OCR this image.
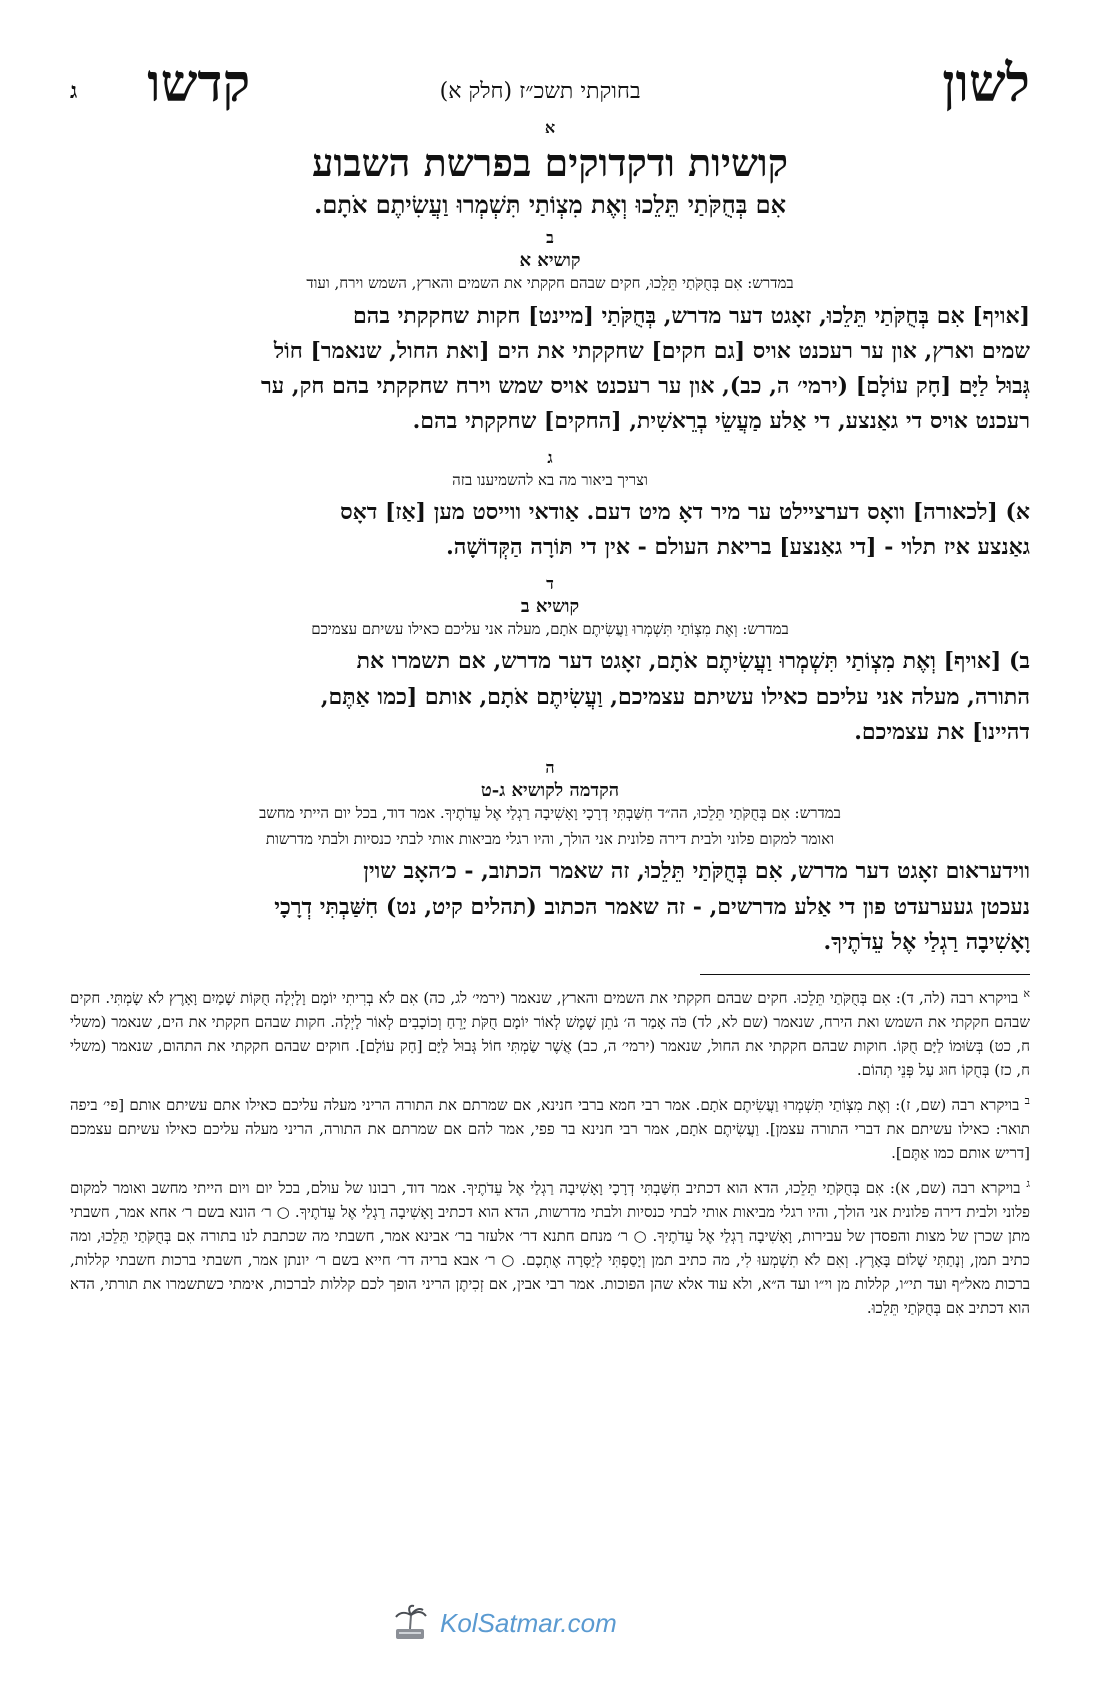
לשון
בחוקתי תשכ״ז (חלק א)
קדשו
ג
א
קושיות ודקדוקים בפרשת השבוע
אִם בְּחֻקֹּתַי תֵּלֵכוּ וְאֶת מִצְוֹתַי תִּשְׁמְרוּ וַעֲשִׂיתֶם אֹתָם.
ב
קושיא א
במדרש: אִם בְּחֻקֹּתַי תֵּלֵכוּ, חקים שבהם חקקתי את השמים והארץ, השמש וירח, ועוד
[אויף] אִם בְּחֻקֹּתַי תֵּלֵכוּ, זאָגט דער מדרש, בְּחֻקֹּתַי [מיינט] חקות שחקקתי בהם
שמים וארץ, און ער רעכנט אויס [גם חקים] שחקקתי את הים [ואת החול, שנאמר] חוֹל
גְּבוּל לַיָּם [חָק עוֹלָם] (ירמי׳ ה, כב), און ער רעכנט אויס שמש וירח שחקקתי בהם חק, ער
רעכנט אויס די גאַנצע, די אַלע מַעֲשֵׂי בְרֵאשִׁית, [החקים] שחקקתי בהם.
ג
וצריך ביאור מה בא להשמיענו בזה
א) [לכאורה] וואָס דערציילט ער מיר דאָ מיט דעם. אַודאי ווייסט מען [אַז] דאָס
גאַנצע איז תלוי - [די גאַנצע] בריאת העולם - אין די תּוֹרָה הַקְּדוֹשָׁה.
ד
קושיא ב
במדרש: וְאֶת מִצְוֹתַי תִּשְׁמְרוּ וַעֲשִׂיתֶם אֹתָם, מעלה אני עליכם כאילו עשיתם עצמיכם
ב) [אויף] וְאֶת מִצְוֹתַי תִּשְׁמְרוּ וַעֲשִׂיתֶם אֹתָם, זאָגט דער מדרש, אם תשמרו את
התורה, מעלה אני עליכם כאילו עשיתם עצמיכם, וַעֲשִׂיתֶם אֹתָם, אותם [כמו אַתֶּם,
דהיינו] את עצמיכם.
ה
הקדמה לקושיא ג-ט
במדרש: אִם בְּחֻקֹּתַי תֵּלֵכוּ, הה״ד חִשַּׁבְתִּי דְרָכָי וָאָשִׁיבָה רַגְלַי אֶל עֵדֹתֶיךָ. אמר דוד, בכל יום הייתי מחשב
ואומר למקום פלוני ולבית דירה פלונית אני הולך, והיו רגלי מביאות אותי לבתי כנסיות ולבתי מדרשות
ווידעראום זאָגט דער מדרש, אִם בְּחֻקֹּתַי תֵּלֵכוּ, זה שאמר הכתוב, - כ׳האָב שוין
נעכטן געערעדט פון די אַלע מדרשים, - זה שאמר הכתוב (תהלים קיט, נט) חִשַּׁבְתִּי דְרָכָי
וָאָשִׁיבָה רַגְלַי אֶל עֵדֹתֶיךָ.
$^א$ בויקרא רבה (לה, ד): אִם בְּחֻקֹּתַי תֵּלֵכוּ. חקים שבהם חקקתי את השמים והארץ, שנאמר (ירמי׳ לג, כה) אִם לֹא בְרִיתִי יוֹמָם וָלָיְלָה חֻקּוֹת שָׁמַיִם וָאָרֶץ לֹא שָׂמְתִּי. חקים שבהם חקקתי את השמש ואת הירח, שנאמר (שם לא, לד) כֹּה אָמַר ה׳ נֹתֵן שֶׁמֶשׁ לְאוֹר יוֹמָם חֻקֹּת יָרֵחַ וְכוֹכָבִים לְאוֹר לָיְלָה. חקות שבהם חקקתי את הים, שנאמר (משלי ח, כט) בְּשׂוּמוֹ לַיָּם חֻקּוֹ. חוקות שבהם חקקתי את החול, שנאמר (ירמי׳ ה, כב) אֲשֶׁר שַׂמְתִּי חוֹל גְּבוּל לַיָּם [חָק עוֹלָם]. חוקים שבהם חקקתי את התהום, שנאמר (משלי ח, כז) בְּחֻקוֹ חוּג עַל פְּנֵי תְהוֹם.
$^ב$ בויקרא רבה (שם, ז): וְאֶת מִצְוֹתַי תִּשְׁמְרוּ וַעֲשִׂיתֶם אֹתָם. אמר רבי חמא ברבי חנינא, אם שמרתם את התורה הריני מעלה עליכם כאילו אתם עשיתם אותם [פי׳ ביפה תואר: כאילו עשיתם את דברי התורה עצמן]. וַעֲשִׂיתֶם אֹתָם, אמר רבי חנינא בר פפי, אמר להם אם שמרתם את התורה, הריני מעלה עליכם כאילו עשיתם עצמכם [דריש אותם כמו אַתֶּם].
$^ג$ בויקרא רבה (שם, א): אִם בְּחֻקֹּתַי תֵּלֵכוּ, הדא הוא דכתיב חִשַּׁבְתִּי דְרָכָי וָאָשִׁיבָה רַגְלַי אֶל עֵדֹתֶיךָ. אמר דוד, רבונו של עולם, בכל יום ויום הייתי מחשב ואומר למקום פלוני ולבית דירה פלונית אני הולך, והיו רגלי מביאות אותי לבתי כנסיות ולבתי מדרשות, הדא הוא דכתיב וָאָשִׁיבָה רַגְלַי אֶל עֵדֹתֶיךָ. ○ ר׳ הונא בשם ר׳ אחא אמר, חשבתי מתן שכרן של מצות והפסדן של עבירות, וָאָשִׁיבָה רַגְלַי אֶל עֵדֹתֶיךָ. ○ ר׳ מנחם חתנא דר׳ אלעזר בר׳ אבינא אמר, חשבתי מה שכתבת לנו בתורה אִם בְּחֻקֹּתַי תֵּלֵכוּ, ומה כתיב תמן, וְנָתַתִּי שָׁלוֹם בָּאָרֶץ. וְאִם לֹא תִשְׁמְעוּ לִי, מה כתיב תמן וְיָסַפְתִּי לְיַסְּרָה אֶתְכֶם. ○ ר׳ אבא בריה דר׳ חייא בשם ר׳ יונתן אמר, חשבתי ברכות חשבתי קללות, ברכות מאל״ף ועד תי״ו, קללות מן וי״ו ועד ה״א, ולא עוד אלא שהן הפוכות. אמר רבי אבין, אם זְכִיתֶן הריני הופך לכם קללות לברכות, אימתי כשתשמרו את תורתי, הדא הוא דכתיב אִם בְּחֻקֹּתַי תֵּלֵכוּ.
KolSatmar.com
